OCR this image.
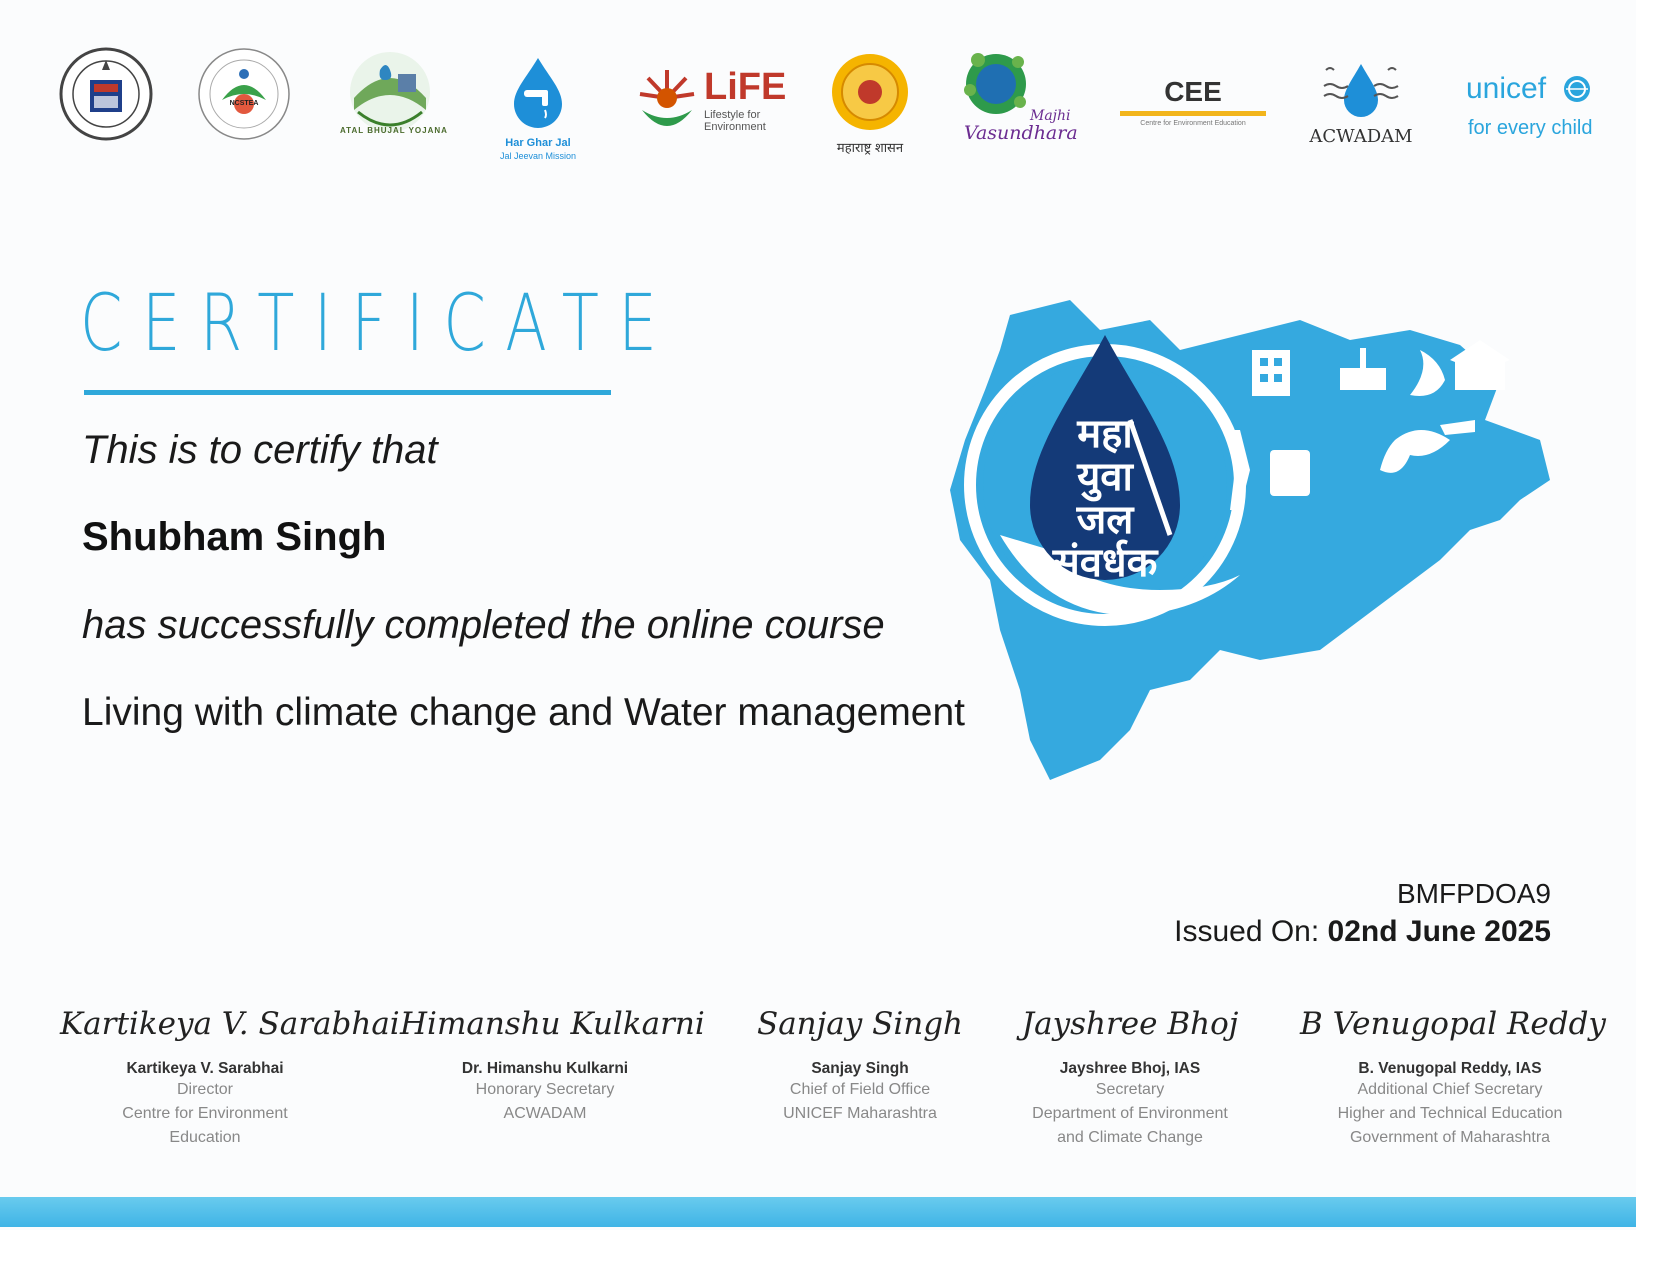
NCSTEA
ATAL BHUJAL YOJANA
Har Ghar Jal
Jal Jeevan Mission
LiFE
Lifestyle for
Environment
महाराष्ट्र शासन
Majhi
Vasundhara
CEE
Centre for Environment Education
ACWADAM
unicef
for every child
CERTIFICATE
This is to certify that
Shubham Singh
has successfully completed the online course
Living with climate change and Water management
महा
युवा
जल
संवर्धक
BMFPDOA9
Issued On: 02nd June 2025
Kartikeya V. Sarabhai
Kartikeya V. Sarabhai
Director
Centre for Environment
Education
Himanshu Kulkarni
Dr. Himanshu Kulkarni
Honorary Secretary
ACWADAM
Sanjay Singh
Sanjay Singh
Chief of Field Office
UNICEF Maharashtra
Jayshree Bhoj
Jayshree Bhoj, IAS
Secretary
Department of Environment
and Climate Change
B Venugopal Reddy
B. Venugopal Reddy, IAS
Additional Chief Secretary
Higher and Technical Education
Government of Maharashtra
